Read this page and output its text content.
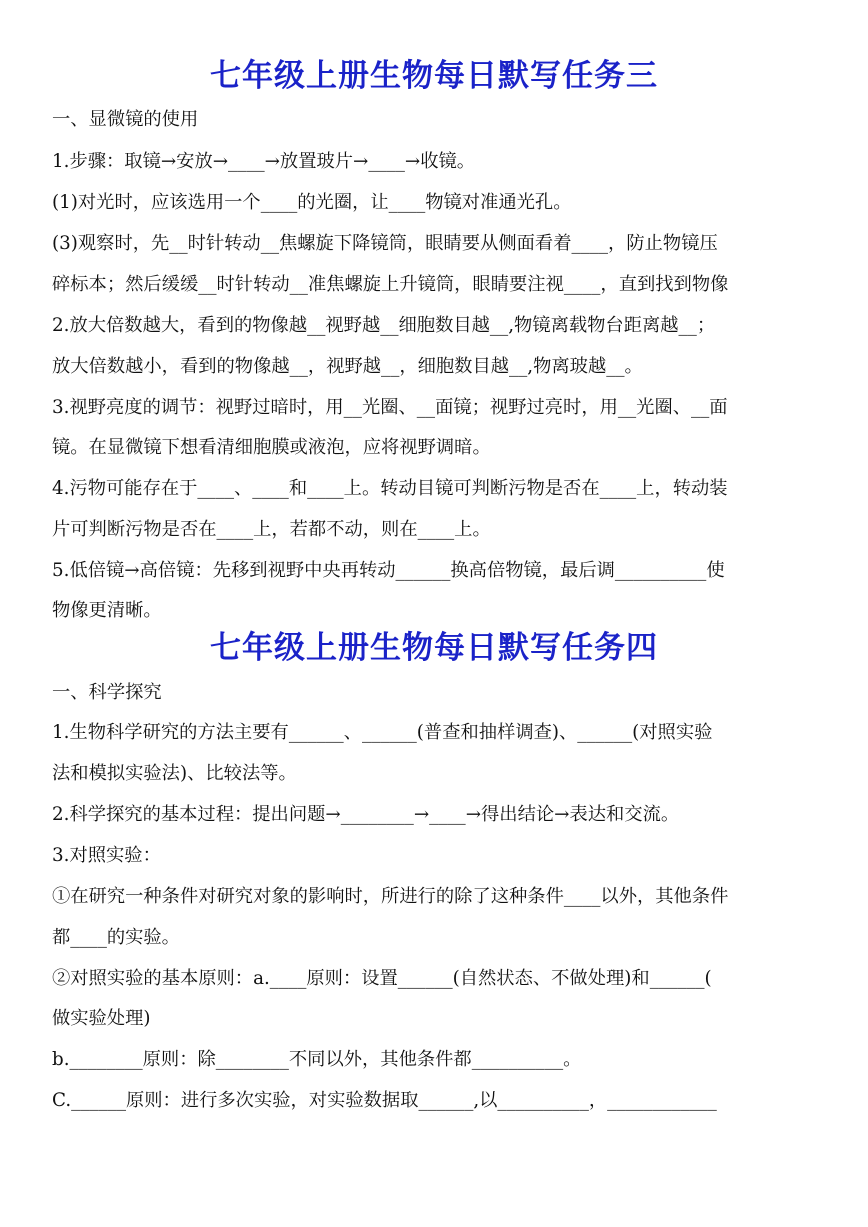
七年级上册生物每日默写任务三
一、显微镜的使用
1.步骤：取镜→安放→____→放置玻片→____→收镜。
(1)对光时，应该选用一个____的光圈，让____物镜对准通光孔。
(3)观察时，先__时针转动__焦螺旋下降镜筒，眼睛要从侧面看着____，防止物镜压
碎标本；然后缓缓__时针转动__准焦螺旋上升镜筒，眼睛要注视____，直到找到物像
2.放大倍数越大，看到的物像越__视野越__细胞数目越__,物镜离载物台距离越__；
放大倍数越小，看到的物像越__，视野越__，细胞数目越__,物离玻越__。
3.视野亮度的调节：视野过暗时，用__光圈、__面镜；视野过亮时，用__光圈、__面
镜。在显微镜下想看清细胞膜或液泡，应将视野调暗。
4.污物可能存在于____、____和____上。转动目镜可判断污物是否在____上，转动装
片可判断污物是否在____上，若都不动，则在____上。
5.低倍镜→高倍镜：先移到视野中央再转动______换高倍物镜，最后调__________使
物像更清晰。
七年级上册生物每日默写任务四
一、科学探究
1.生物科学研究的方法主要有______、______(普查和抽样调查)、______(对照实验
法和模拟实验法)、比较法等。
2.科学探究的基本过程：提出问题→________→____→得出结论→表达和交流。
3.对照实验：
①在研究一种条件对研究对象的影响时，所进行的除了这种条件____以外，其他条件
都____的实验。
②对照实验的基本原则：a.____原则：设置______(自然状态、不做处理)和______(
做实验处理)
b.________原则：除________不同以外，其他条件都__________。
C.______原则：进行多次实验，对实验数据取______,以__________，____________
